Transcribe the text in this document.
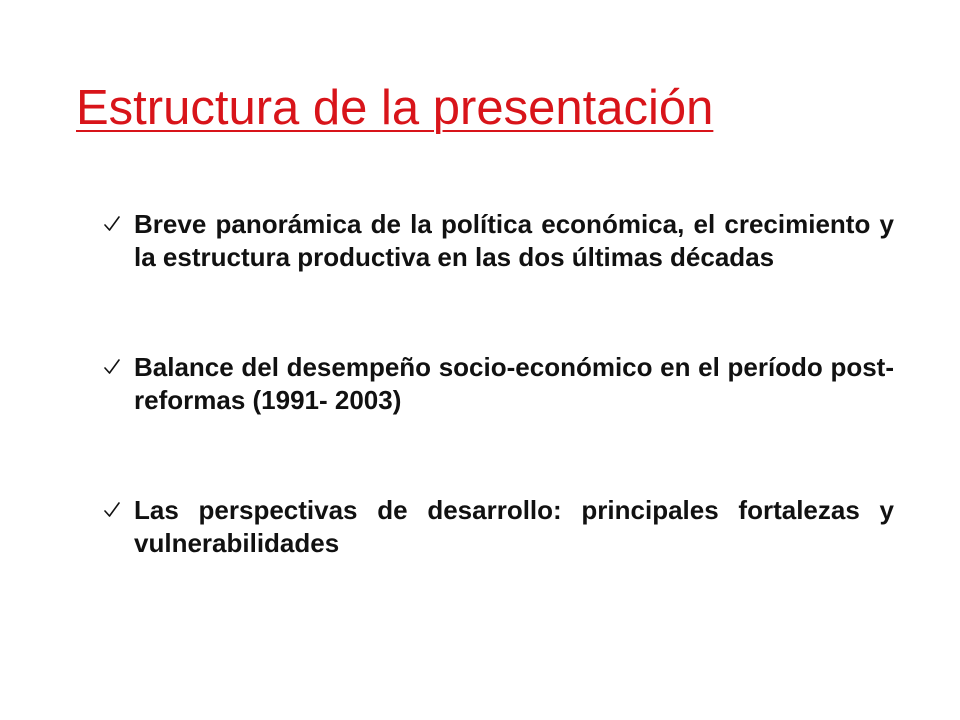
Estructura de la presentación
Breve panorámica de la política económica, el crecimiento y la estructura productiva en las dos últimas décadas
Balance del desempeño socio-económico en el período post- reformas (1991- 2003)
Las perspectivas de desarrollo: principales fortalezas y vulnerabilidades
